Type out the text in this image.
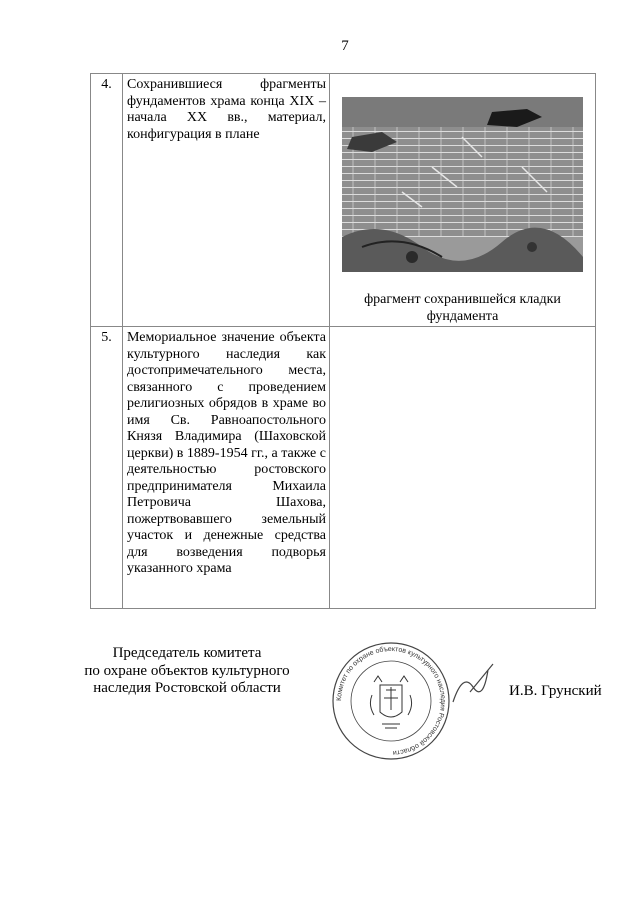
7
4.	Сохранившиеся фрагменты фундаментов храма конца XIX – начала XX вв., материал, конфигурация в плане	фрагмент сохранившейся кладки фундамента

5.	Мемориальное значение объекта культурного наследия как достопримечательного места, связанного с проведением религиозных обрядов в храме во имя Св. Равноапостольного Князя Владимира (Шаховской церкви) в 1889-1954 гг., а также с деятельностью ростовского предпринимателя Михаила Петровича Шахова, пожертвовавшего земельный участок и денежные средства для возведения подворья указанного храма	

Председатель комитета
по охране объектов культурного
наследия Ростовской области
Комитет по охране объектов культурного наследия Ростовской области
И.В. Грунский
